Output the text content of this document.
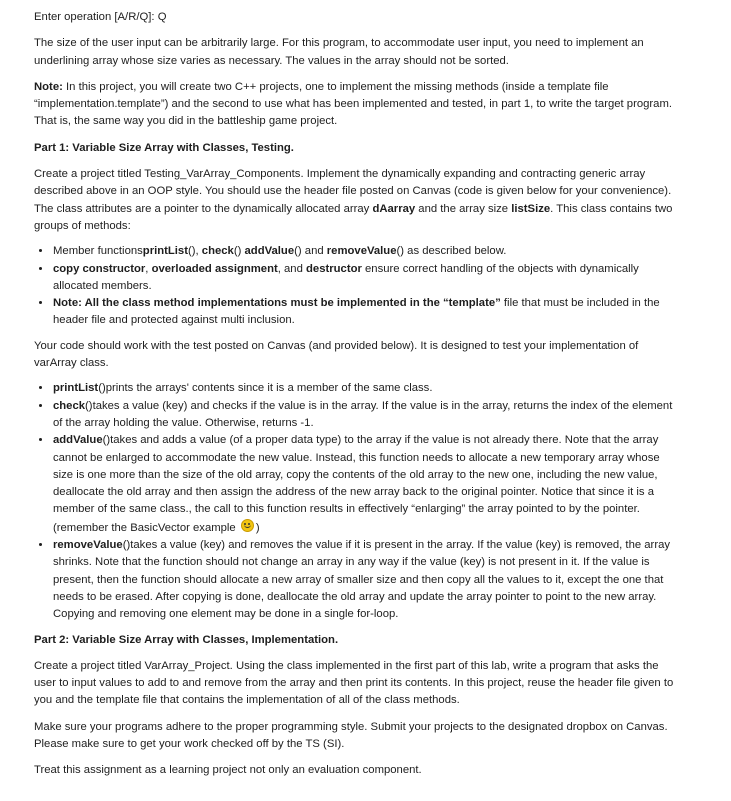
Enter operation [A/R/Q]: Q

The size of the user input can be arbitrarily large. For this program, to accommodate user input, you need to implement an underlining array whose size varies as necessary. The values in the array should not be sorted.

Note: In this project, you will create two C++ projects, one to implement the missing methods (inside a template file “implementation.template”) and the second to use what has been implemented and tested, in part 1, to write the target program. That is, the same way you did in the battleship game project.

Part 1: Variable Size Array with Classes, Testing.

Create a project titled Testing_VarArray_Components. Implement the dynamically expanding and contracting generic array described above in an OOP style. You should use the header file posted on Canvas (code is given below for your convenience). The class attributes are a pointer to the dynamically allocated array dAarray and the array size listSize. This class contains two groups of methods:

• Member functionsprintList(), check() addValue() and removeValue() as described below.
• copy constructor, overloaded assignment, and destructor ensure correct handling of the objects with dynamically allocated members.
• Note: All the class method implementations must be implemented in the “template” file that must be included in the header file and protected against multi inclusion.

Your code should work with the test posted on Canvas (and provided below). It is designed to test your implementation of varArray class.

• printList()prints the arrays' contents since it is a member of the same class.
• check()takes a value (key) and checks if the value is in the array. If the value is in the array, returns the index of the element of the array holding the value. Otherwise, returns -1.
• addValue()takes and adds a value (of a proper data type) to the array if the value is not already there. Note that the array cannot be enlarged to accommodate the new value. Instead, this function needs to allocate a new temporary array whose size is one more than the size of the old array, copy the contents of the old array to the new one, including the new value, deallocate the old array and then assign the address of the new array back to the original pointer. Notice that since it is a member of the same class., the call to this function results in effectively “enlarging” the array pointed to by the pointer. (remember the BasicVector example )
• removeValue()takes a value (key) and removes the value if it is present in the array. If the value (key) is removed, the array shrinks. Note that the function should not change an array in any way if the value (key) is not present in it. If the value is present, then the function should allocate a new array of smaller size and then copy all the values to it, except the one that needs to be erased. After copying is done, deallocate the old array and update the array pointer to point to the new array. Copying and removing one element may be done in a single for-loop.

Part 2: Variable Size Array with Classes, Implementation.

Create a project titled VarArray_Project. Using the class implemented in the first part of this lab, write a program that asks the user to input values to add to and remove from the array and then print its contents. In this project, reuse the header file given to you and the template file that contains the implementation of all of the class methods.

Make sure your programs adhere to the proper programming style. Submit your projects to the designated dropbox on Canvas. Please make sure to get your work checked off by the TS (SI).

Treat this assignment as a learning project not only an evaluation component.
